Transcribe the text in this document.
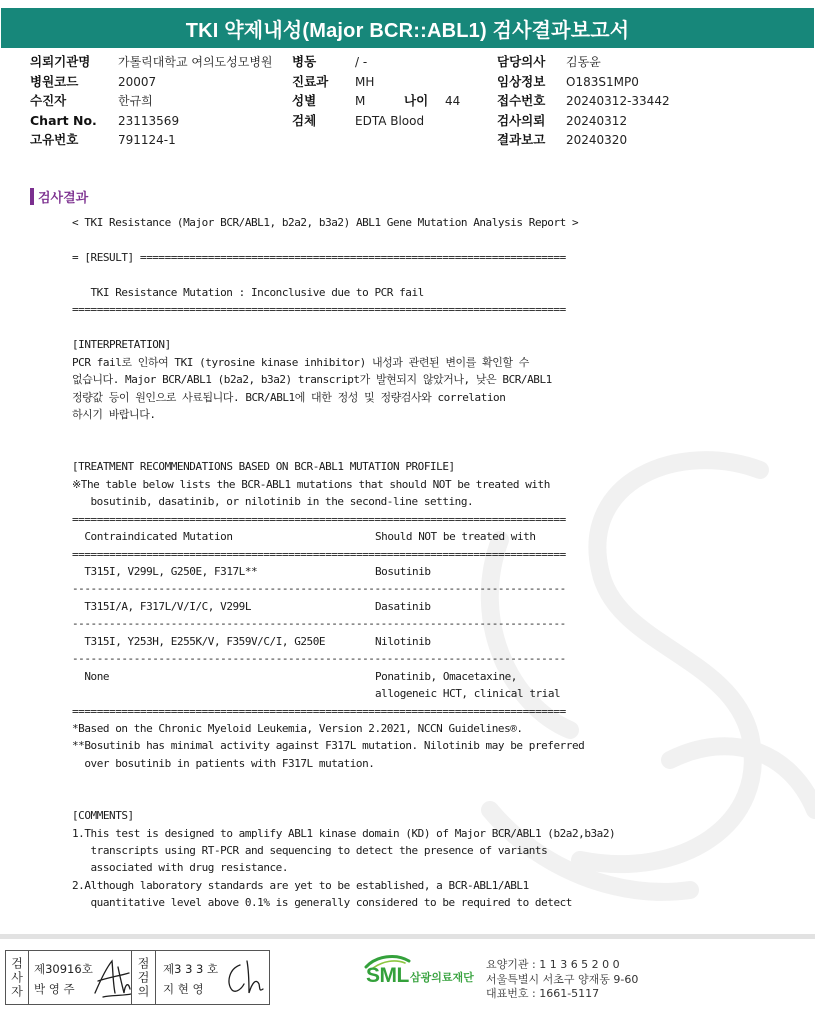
TKI 약제내성(Major BCR::ABL1) 검사결과보고서
의뢰기관명 가톨릭대학교 여의도성모병원 병동	/ -	담당의사 김동윤
병원코드	20007	진료과 MH	임상정보 O183S1MP0
수진자	한규희	성별	M	나이 44	접수번호 20240312-33442
Chart No. 23113569	검체	EDTA Blood	검사의뢰 20240312
고유번호	791124-1	결과보고 20240320
검사결과
< TKI Resistance (Major BCR/ABL1, b2a2, b3a2) ABL1 Gene Mutation Analysis Report >
= [RESULT] =====================================================================
TKI Resistance Mutation : Inconclusive due to PCR fail
================================================================================
[INTERPRETATION]
PCR fail로 인하여 TKI (tyrosine kinase inhibitor) 내성과 관련된 변이를 확인할 수
없습니다. Major BCR/ABL1 (b2a2, b3a2) transcript가 발현되지 않았거나, 낮은 BCR/ABL1
정량값 등이 원인으로 사료됩니다. BCR/ABL1에 대한 정성 및 정량검사와 correlation
하시기 바랍니다.
[TREATMENT RECOMMENDATIONS BASED ON BCR-ABL1 MUTATION PROFILE]
※The table below lists the BCR-ABL1 mutations that should NOT be treated with
bosutinib, dasatinib, or nilotinib in the second-line setting.
================================================================================
Contraindicated Mutation	Should NOT be treated with
================================================================================
T315I, V299L, G250E, F317L**	Bosutinib
--------------------------------------------------------------------------------
T315I/A, F317L/V/I/C, V299L	Dasatinib
--------------------------------------------------------------------------------
T315I, Y253H, E255K/V, F359V/C/I, G250E	Nilotinib
--------------------------------------------------------------------------------
None	Ponatinib, Omacetaxine,
allogeneic HCT, clinical trial
================================================================================
*Based on the Chronic Myeloid Leukemia, Version 2.2021, NCCN Guidelines®.
**Bosutinib has minimal activity against F317L mutation. Nilotinib may be preferred
over bosutinib in patients with F317L mutation.
[COMMENTS]
1.This test is designed to amplify ABL1 kinase domain (KD) of Major BCR/ABL1 (b2a2,b3a2)
transcripts using RT-PCR and sequencing to detect the presence of variants
associated with drug resistance.
2.Although laboratory standards are yet to be established, a BCR-ABL1/ABL1
quantitative level above 0.1% is generally considered to be required to detect
검사자 제30916호
박 영 주	점검의 제3 3 3 호
지 현 영
SML 삼광의료재단
요양기관 : 1 1 3 6 5 2 0 0
서울특별시 서초구 양재동 9-60
대표번호 : 1661-5117
